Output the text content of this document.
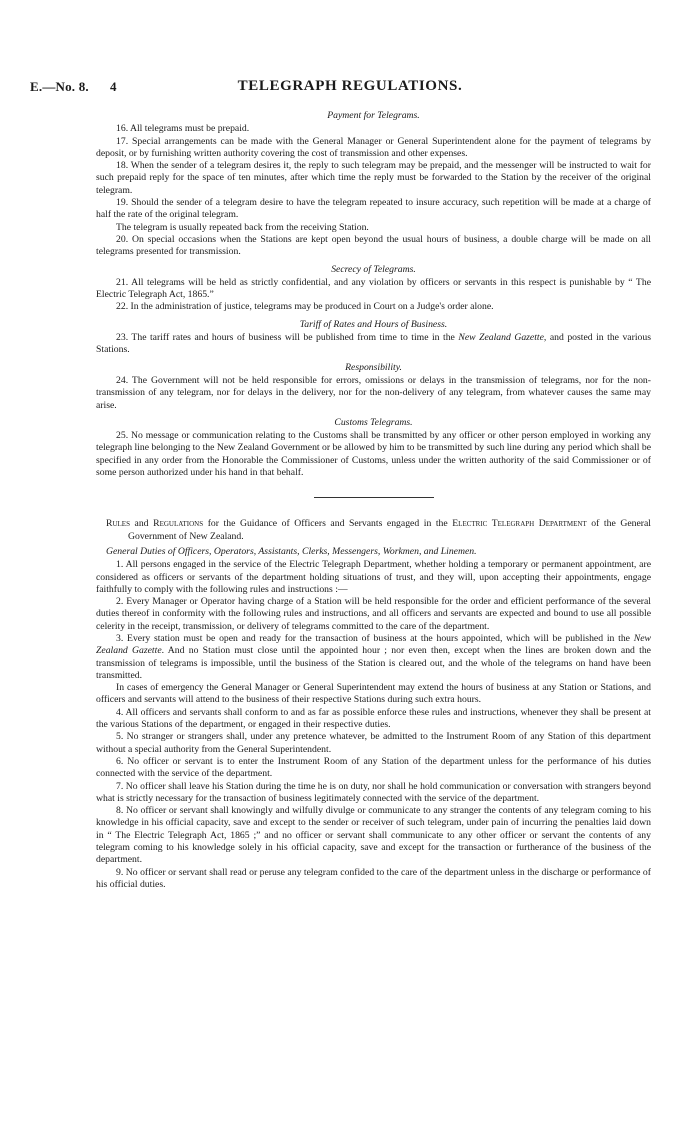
E.—No. 8. 4	TELEGRAPH REGULATIONS.
Payment for Telegrams.

16. All telegrams must be prepaid.

17. Special arrangements can be made with the General Manager or General Superintendent alone for the payment of telegrams by deposit, or by furnishing written authority covering the cost of transmission and other expenses.

18. When the sender of a telegram desires it, the reply to such telegram may be prepaid, and the messenger will be instructed to wait for such prepaid reply for the space of ten minutes, after which time the reply must be forwarded to the Station by the receiver of the original telegram.

19. Should the sender of a telegram desire to have the telegram repeated to insure accuracy, such repetition will be made at a charge of half the rate of the original telegram.

The telegram is usually repeated back from the receiving Station.

20. On special occasions when the Stations are kept open beyond the usual hours of business, a double charge will be made on all telegrams presented for transmission.

Secrecy of Telegrams.

21. All telegrams will be held as strictly confidential, and any violation by officers or servants in this respect is punishable by “ The Electric Telegraph Act, 1865.”

22. In the administration of justice, telegrams may be produced in Court on a Judge's order alone.

Tariff of Rates and Hours of Business.

23. The tariff rates and hours of business will be published from time to time in the New Zealand Gazette, and posted in the various Stations.

Responsibility.

24. The Government will not be held responsible for errors, omissions or delays in the transmission of telegrams, nor for the non-transmission of any telegram, nor for delays in the delivery, nor for the non-delivery of any telegram, from whatever causes the same may arise.

Customs Telegrams.

25. No message or communication relating to the Customs shall be transmitted by any officer or other person employed in working any telegraph line belonging to the New Zealand Government or be allowed by him to be transmitted by such line during any period which shall be specified in any order from the Honorable the Commissioner of Customs, unless under the written authority of the said Commissioner or of some person authorized under his hand in that behalf.

Rules and Regulations for the Guidance of Officers and Servants engaged in the Electric Telegraph Department of the General Government of New Zealand.
General Duties of Officers, Operators, Assistants, Clerks, Messengers, Workmen, and Linemen.

1. All persons engaged in the service of the Electric Telegraph Department, whether holding a temporary or permanent appointment, are considered as officers or servants of the department holding situations of trust, and they will, upon accepting their appointments, engage faithfully to comply with the following rules and instructions :—

2. Every Manager or Operator having charge of a Station will be held responsible for the order and efficient performance of the several duties thereof in conformity with the following rules and instructions, and all officers and servants are expected and bound to use all possible celerity in the receipt, transmission, or delivery of telegrams committed to the care of the department.

3. Every station must be open and ready for the transaction of business at the hours appointed, which will be published in the New Zealand Gazette. And no Station must close until the appointed hour ; nor even then, except when the lines are broken down and the transmission of telegrams is impossible, until the business of the Station is cleared out, and the whole of the telegrams on hand have been transmitted.

In cases of emergency the General Manager or General Superintendent may extend the hours of business at any Station or Stations, and officers and servants will attend to the business of their respective Stations during such extra hours.

4. All officers and servants shall conform to and as far as possible enforce these rules and instructions, whenever they shall be present at the various Stations of the department, or engaged in their respective duties.

5. No stranger or strangers shall, under any pretence whatever, be admitted to the Instrument Room of any Station of this department without a special authority from the General Superintendent.

6. No officer or servant is to enter the Instrument Room of any Station of the department unless for the performance of his duties connected with the service of the department.

7. No officer shall leave his Station during the time he is on duty, nor shall he hold communication or conversation with strangers beyond what is strictly necessary for the transaction of business legitimately connected with the service of the department.

8. No officer or servant shall knowingly and wilfully divulge or communicate to any stranger the contents of any telegram coming to his knowledge in his official capacity, save and except to the sender or receiver of such telegram, under pain of incurring the penalties laid down in “ The Electric Telegraph Act, 1865 ;” and no officer or servant shall communicate to any other officer or servant the contents of any telegram coming to his knowledge solely in his official capacity, save and except for the transaction or furtherance of the business of the department.

9. No officer or servant shall read or peruse any telegram confided to the care of the department unless in the discharge or performance of his official duties.
